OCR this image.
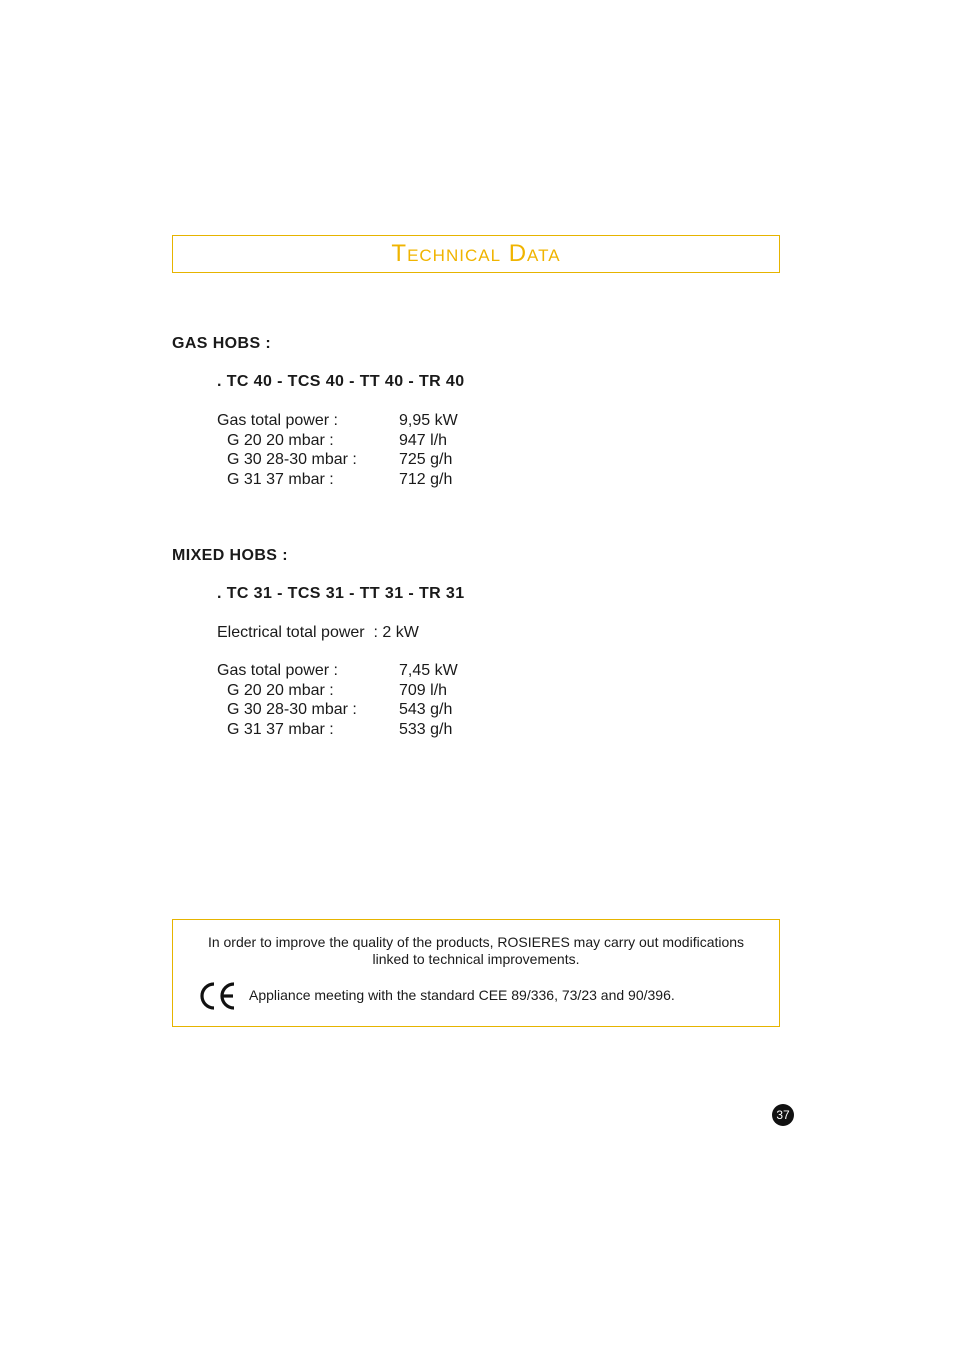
Technical Data
GAS HOBS :
. TC 40 - TCS 40 - TT 40 - TR 40
Gas total power :	9,95 kW
G 20 20 mbar :	947 l/h
G 30 28-30 mbar :	725 g/h
G 31 37 mbar :	712 g/h
MIXED HOBS :
. TC 31 - TCS 31 - TT 31 - TR 31
Electrical total power  : 2 kW
Gas total power :	7,45 kW
G 20 20 mbar :	709 l/h
G 30 28-30 mbar :	543 g/h
G 31 37 mbar :	533 g/h
In order to improve the quality of the products, ROSIERES may carry out modifications linked to technical improvements.
Appliance meeting with the standard CEE 89/336, 73/23 and 90/396.
37
